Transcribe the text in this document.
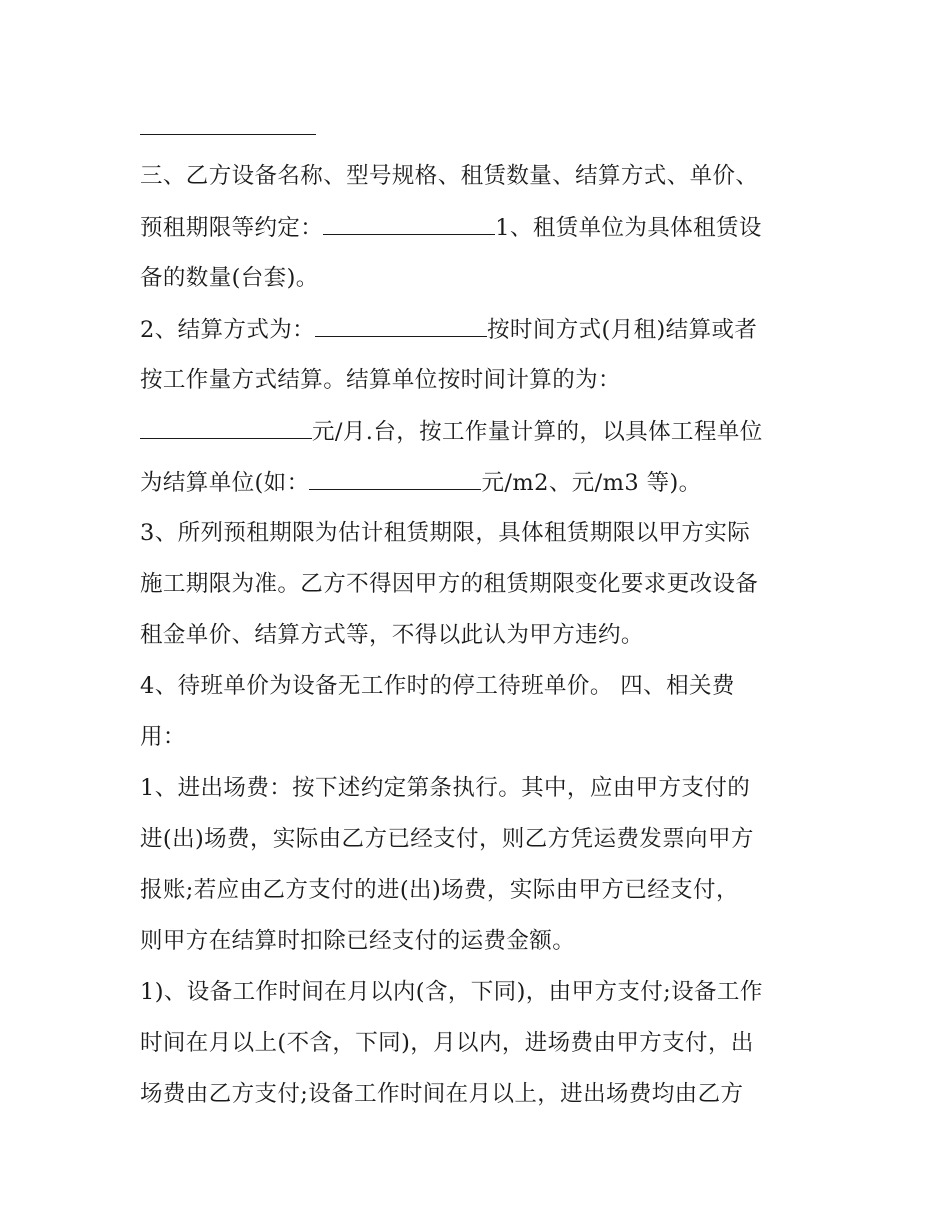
三、乙方设备名称、型号规格、租赁数量、结算方式、单价、
预租期限等约定：	1、租赁单位为具体租赁设
备的数量(台套)。
2、结算方式为：	按时间方式(月租)结算或者
按工作量方式结算。结算单位按时间计算的为：
元/月.台，按工作量计算的，以具体工程单位
为结算单位(如：	元/m2、元/m3 等)。
3、所列预租期限为估计租赁期限，具体租赁期限以甲方实际
施工期限为准。乙方不得因甲方的租赁期限变化要求更改设备
租金单价、结算方式等，不得以此认为甲方违约。
4、待班单价为设备无工作时的停工待班单价。 四、相关费
用：
1、进出场费：按下述约定第条执行。其中，应由甲方支付的
进(出)场费，实际由乙方已经支付，则乙方凭运费发票向甲方
报账;若应由乙方支付的进(出)场费，实际由甲方已经支付，
则甲方在结算时扣除已经支付的运费金额。
1)、设备工作时间在月以内(含，下同)，由甲方支付;设备工作
时间在月以上(不含，下同)，月以内，进场费由甲方支付，出
场费由乙方支付;设备工作时间在月以上，进出场费均由乙方
